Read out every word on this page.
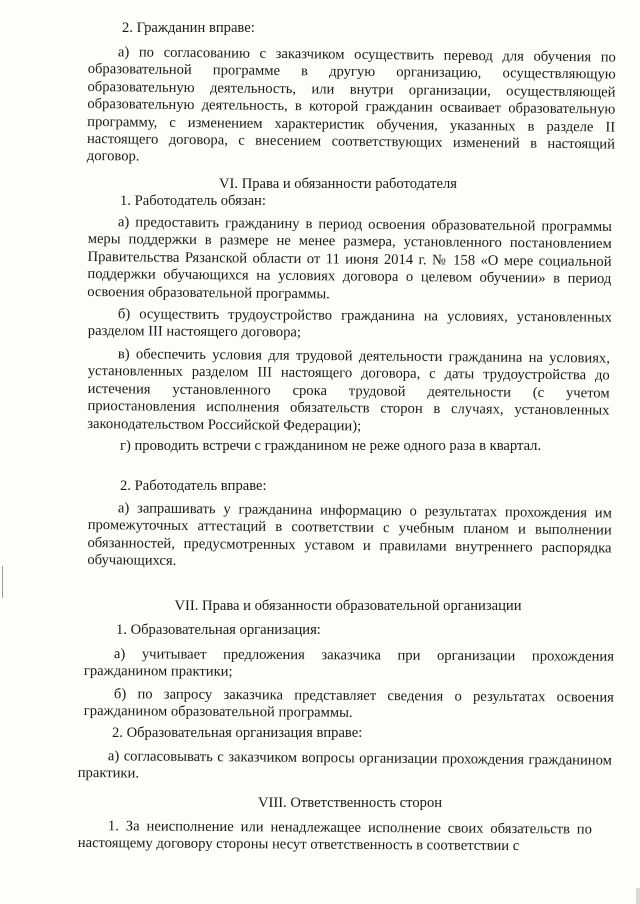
2. Гражданин вправе:

а) по согласованию с заказчиком осуществить перевод для обучения по образовательной программе в другую организацию, осуществляющую образовательную деятельность, или внутри организации, осуществляющей образовательную деятельность, в которой гражданин осваивает образовательную программу, с изменением характеристик обучения, указанных в разделе II настоящего договора, с внесением соответствующих изменений в настоящий договор.

VI. Права и обязанности работодателя

1. Работодатель обязан:

а) предоставить гражданину в период освоения образовательной программы меры поддержки в размере не менее размера, установленного постановлением Правительства Рязанской области от 11 июня 2014 г. № 158 «О мере социальной поддержки обучающихся на условиях договора о целевом обучении» в период освоения образовательной программы.

б) осуществить трудоустройство гражданина на условиях, установленных разделом III настоящего договора;

в) обеспечить условия для трудовой деятельности гражданина на условиях, установленных разделом III настоящего договора, с даты трудоустройства до истечения установленного срока трудовой деятельности (с учетом приостановления исполнения обязательств сторон в случаях, установленных законодательством Российской Федерации);

г) проводить встречи с гражданином не реже одного раза в квартал.

2. Работодатель вправе:

а) запрашивать у гражданина информацию о результатах прохождения им промежуточных аттестаций в соответствии с учебным планом и выполнении обязанностей, предусмотренных уставом и правилами внутреннего распорядка обучающихся.

VII. Права и обязанности образовательной организации

1. Образовательная организация:

а) учитывает предложения заказчика при организации прохождения гражданином практики;

б) по запросу заказчика представляет сведения о результатах освоения гражданином образовательной программы.

2. Образовательная организация вправе:

а) согласовывать с заказчиком вопросы организации прохождения гражданином практики.

VIII. Ответственность сторон

1. За неисполнение или ненадлежащее исполнение своих обязательств по настоящему договору стороны несут ответственность в соответствии с
